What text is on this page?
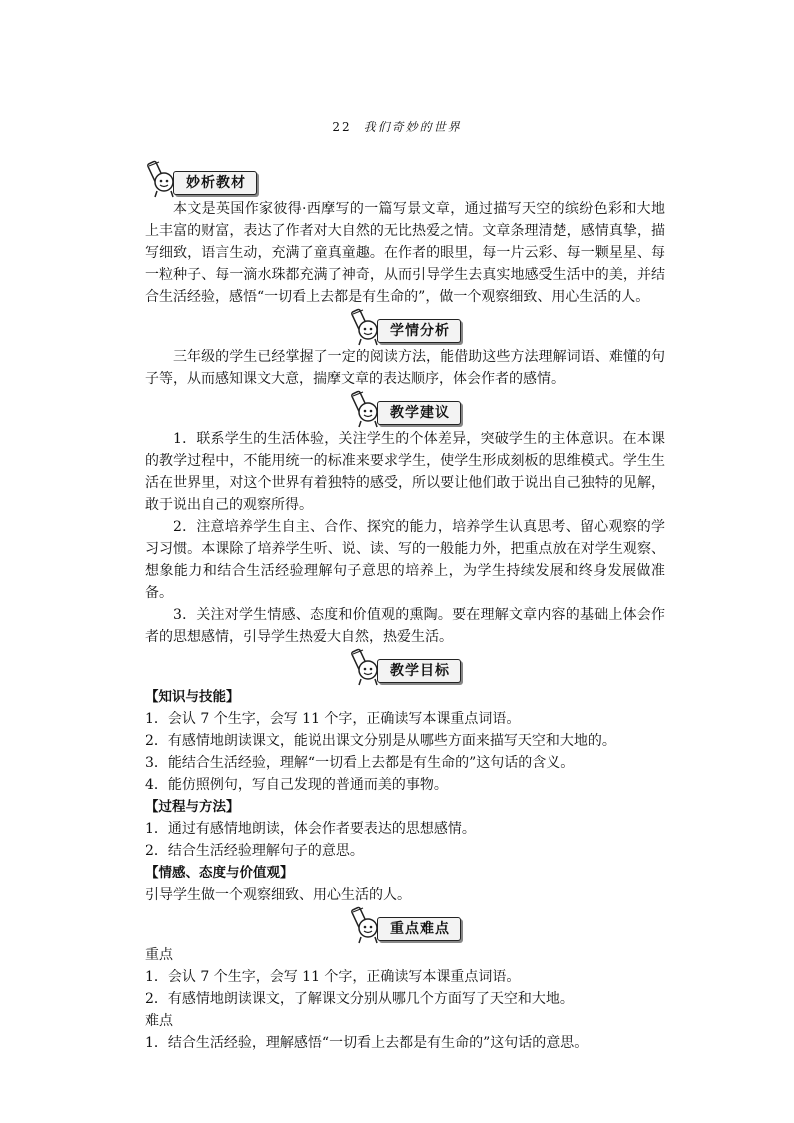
22 我们奇妙的世界
妙析教材

本文是英国作家彼得·西摩写的一篇写景文章，通过描写天空的缤纷色彩和大地上丰富的财富，表达了作者对大自然的无比热爱之情。文章条理清楚，感情真挚，描写细致，语言生动，充满了童真童趣。在作者的眼里，每一片云彩、每一颗星星、每一粒种子、每一滴水珠都充满了神奇，从而引导学生去真实地感受生活中的美，并结合生活经验，感悟“一切看上去都是有生命的”，做一个观察细致、用心生活的人。

学情分析

三年级的学生已经掌握了一定的阅读方法，能借助这些方法理解词语、难懂的句子等，从而感知课文大意，揣摩文章的表达顺序，体会作者的感情。

教学建议

1．联系学生的生活体验，关注学生的个体差异，突破学生的主体意识。在本课的教学过程中，不能用统一的标准来要求学生，使学生形成刻板的思维模式。学生生活在世界里，对这个世界有着独特的感受，所以要让他们敢于说出自己独特的见解，敢于说出自己的观察所得。

2．注意培养学生自主、合作、探究的能力，培养学生认真思考、留心观察的学习习惯。本课除了培养学生听、说、读、写的一般能力外，把重点放在对学生观察、想象能力和结合生活经验理解句子意思的培养上，为学生持续发展和终身发展做准备。

3．关注对学生情感、态度和价值观的熏陶。要在理解文章内容的基础上体会作者的思想感情，引导学生热爱大自然，热爱生活。

教学目标

【知识与技能】

1．会认 7 个生字，会写 11 个字，正确读写本课重点词语。

2．有感情地朗读课文，能说出课文分别是从哪些方面来描写天空和大地的。

3．能结合生活经验，理解“一切看上去都是有生命的”这句话的含义。

4．能仿照例句，写自己发现的普通而美的事物。

【过程与方法】

1．通过有感情地朗读，体会作者要表达的思想感情。

2．结合生活经验理解句子的意思。

【情感、态度与价值观】

引导学生做一个观察细致、用心生活的人。

重点难点

重点

1．会认 7 个生字，会写 11 个字，正确读写本课重点词语。

2．有感情地朗读课文，了解课文分别从哪几个方面写了天空和大地。

难点

1．结合生活经验，理解感悟“一切看上去都是有生命的”这句话的意思。
